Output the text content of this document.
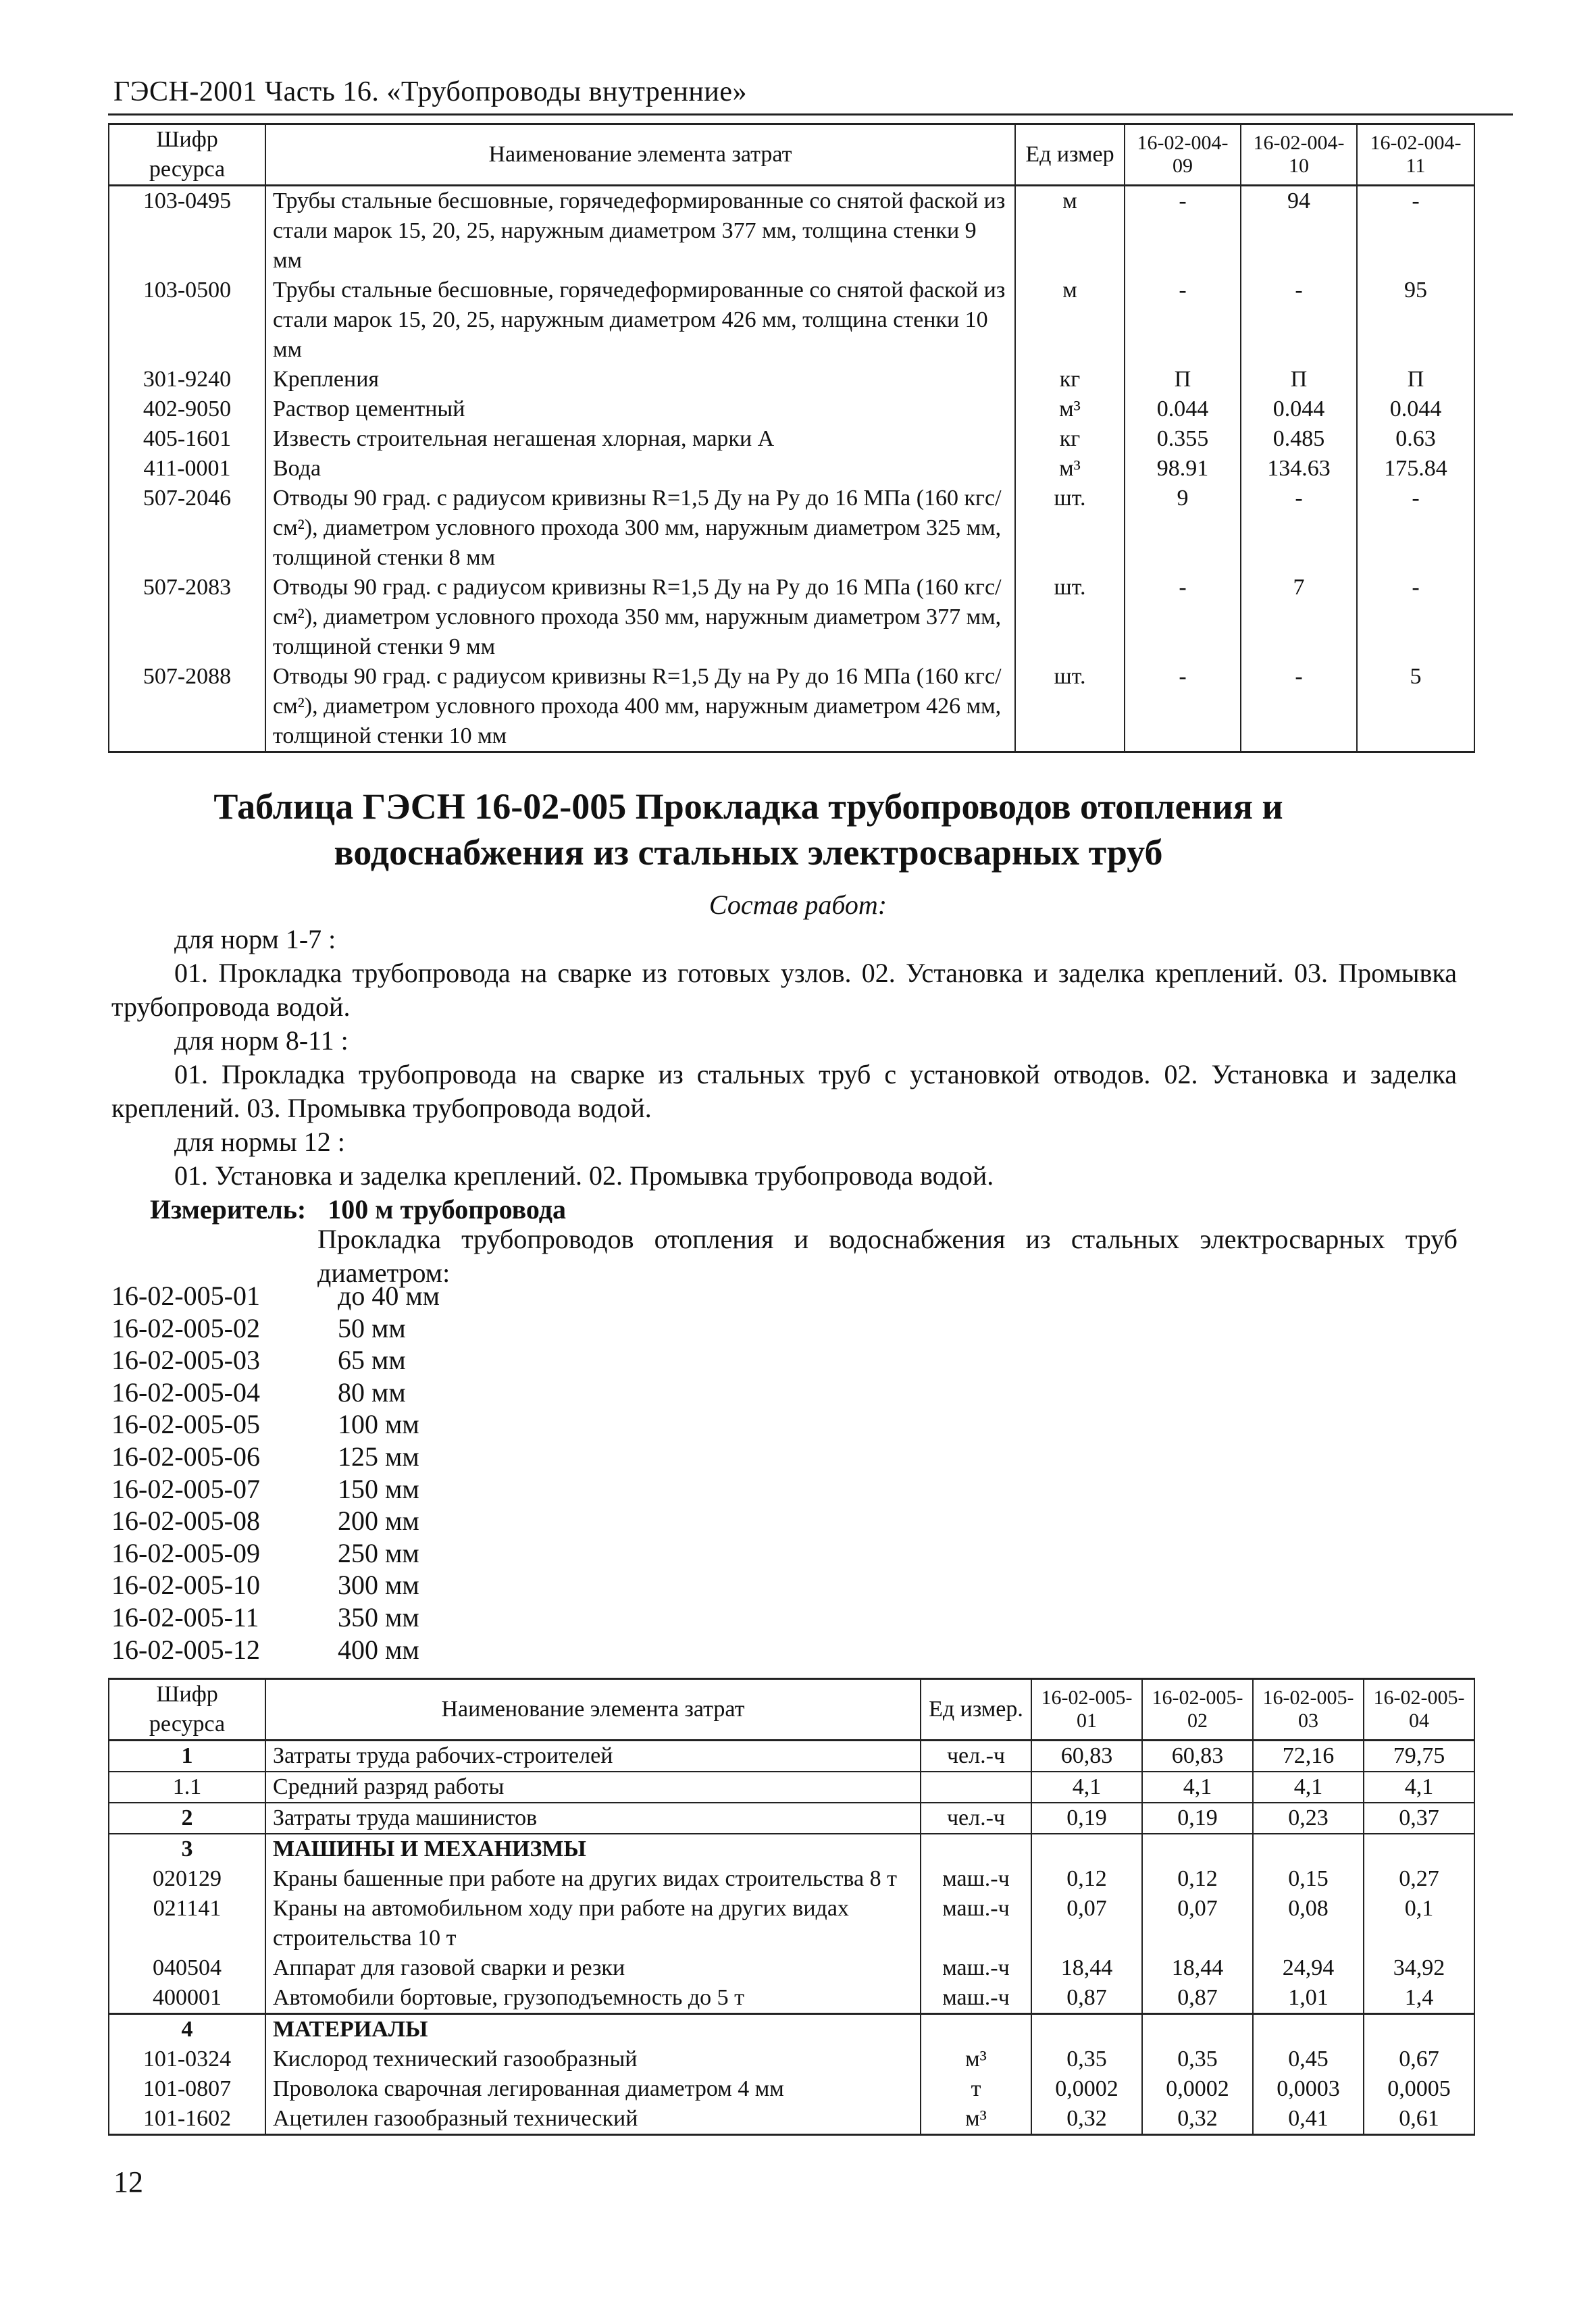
ГЭСН-2001 Часть 16. «Трубопроводы внутренние»
Шифр ресурса	Наименование элемента затрат	Ед измер	16-02-004-09	16-02-004-10	16-02-004-11
103-0495	Трубы стальные бесшовные, горячедеформированные со снятой фаской из стали марок 15, 20, 25, наружным диаметром 377 мм, толщина стенки 9 мм	м	-	94	-
103-0500	Трубы стальные бесшовные, горячедеформированные со снятой фаской из стали марок 15, 20, 25, наружным диаметром 426 мм, толщина стенки 10 мм	м	-	-	95
301-9240	Крепления	кг	П	П	П
402-9050	Раствор цементный	м³	0.044	0.044	0.044
405-1601	Известь строительная негашеная хлорная, марки А	кг	0.355	0.485	0.63
411-0001	Вода	м³	98.91	134.63	175.84
507-2046	Отводы 90 град. с радиусом кривизны R=1,5 Ду на Ру до 16 МПа (160 кгс/см²), диаметром условного прохода 300 мм, наружным диаметром 325 мм, толщиной стенки 8 мм	шт.	9	-	-
507-2083	Отводы 90 град. с радиусом кривизны R=1,5 Ду на Ру до 16 МПа (160 кгс/см²), диаметром условного прохода 350 мм, наружным диаметром 377 мм, толщиной стенки 9 мм	шт.	-	7	-
507-2088	Отводы 90 град. с радиусом кривизны R=1,5 Ду на Ру до 16 МПа (160 кгс/см²), диаметром условного прохода 400 мм, наружным диаметром 426 мм, толщиной стенки 10 мм	шт.	-	-	5
Таблица ГЭСН 16-02-005 Прокладка трубопроводов отопления и водоснабжения из стальных электросварных труб
Состав работ:
для норм 1-7 :
01. Прокладка трубопровода на сварке из готовых узлов. 02. Установка и заделка креплений. 03. Промывка трубопровода водой.
для норм 8-11 :
01. Прокладка трубопровода на сварке из стальных труб с установкой отводов. 02. Установка и заделка креплений. 03. Промывка трубопровода водой.
для нормы 12 :
01. Установка и заделка креплений. 02. Промывка трубопровода водой.
Измеритель: 100 м трубопровода
Прокладка трубопроводов отопления и водоснабжения из стальных электросварных труб диаметром:
16-02-005-01	до 40 мм
16-02-005-02	50 мм
16-02-005-03	65 мм
16-02-005-04	80 мм
16-02-005-05	100 мм
16-02-005-06	125 мм
16-02-005-07	150 мм
16-02-005-08	200 мм
16-02-005-09	250 мм
16-02-005-10	300 мм
16-02-005-11	350 мм
16-02-005-12	400 мм
Шифр ресурса	Наименование элемента затрат	Ед измер.	16-02-005-01	16-02-005-02	16-02-005-03	16-02-005-04
1	Затраты труда рабочих-строителей	чел.-ч	60,83	60,83	72,16	79,75
1.1	Средний разряд работы		4,1	4,1	4,1	4,1
2	Затраты труда машинистов	чел.-ч	0,19	0,19	0,23	0,37
3	МАШИНЫ И МЕХАНИЗМЫ					
020129	Краны башенные при работе на других видах строительства 8 т	маш.-ч	0,12	0,12	0,15	0,27
021141	Краны на автомобильном ходу при работе на других видах строительства 10 т	маш.-ч	0,07	0,07	0,08	0,1
040504	Аппарат для газовой сварки и резки	маш.-ч	18,44	18,44	24,94	34,92
400001	Автомобили бортовые, грузоподъемность до 5 т	маш.-ч	0,87	0,87	1,01	1,4
4	МАТЕРИАЛЫ					
101-0324	Кислород технический газообразный	м³	0,35	0,35	0,45	0,67
101-0807	Проволока сварочная легированная диаметром 4 мм	т	0,0002	0,0002	0,0003	0,0005
101-1602	Ацетилен газообразный технический	м³	0,32	0,32	0,41	0,61
12
